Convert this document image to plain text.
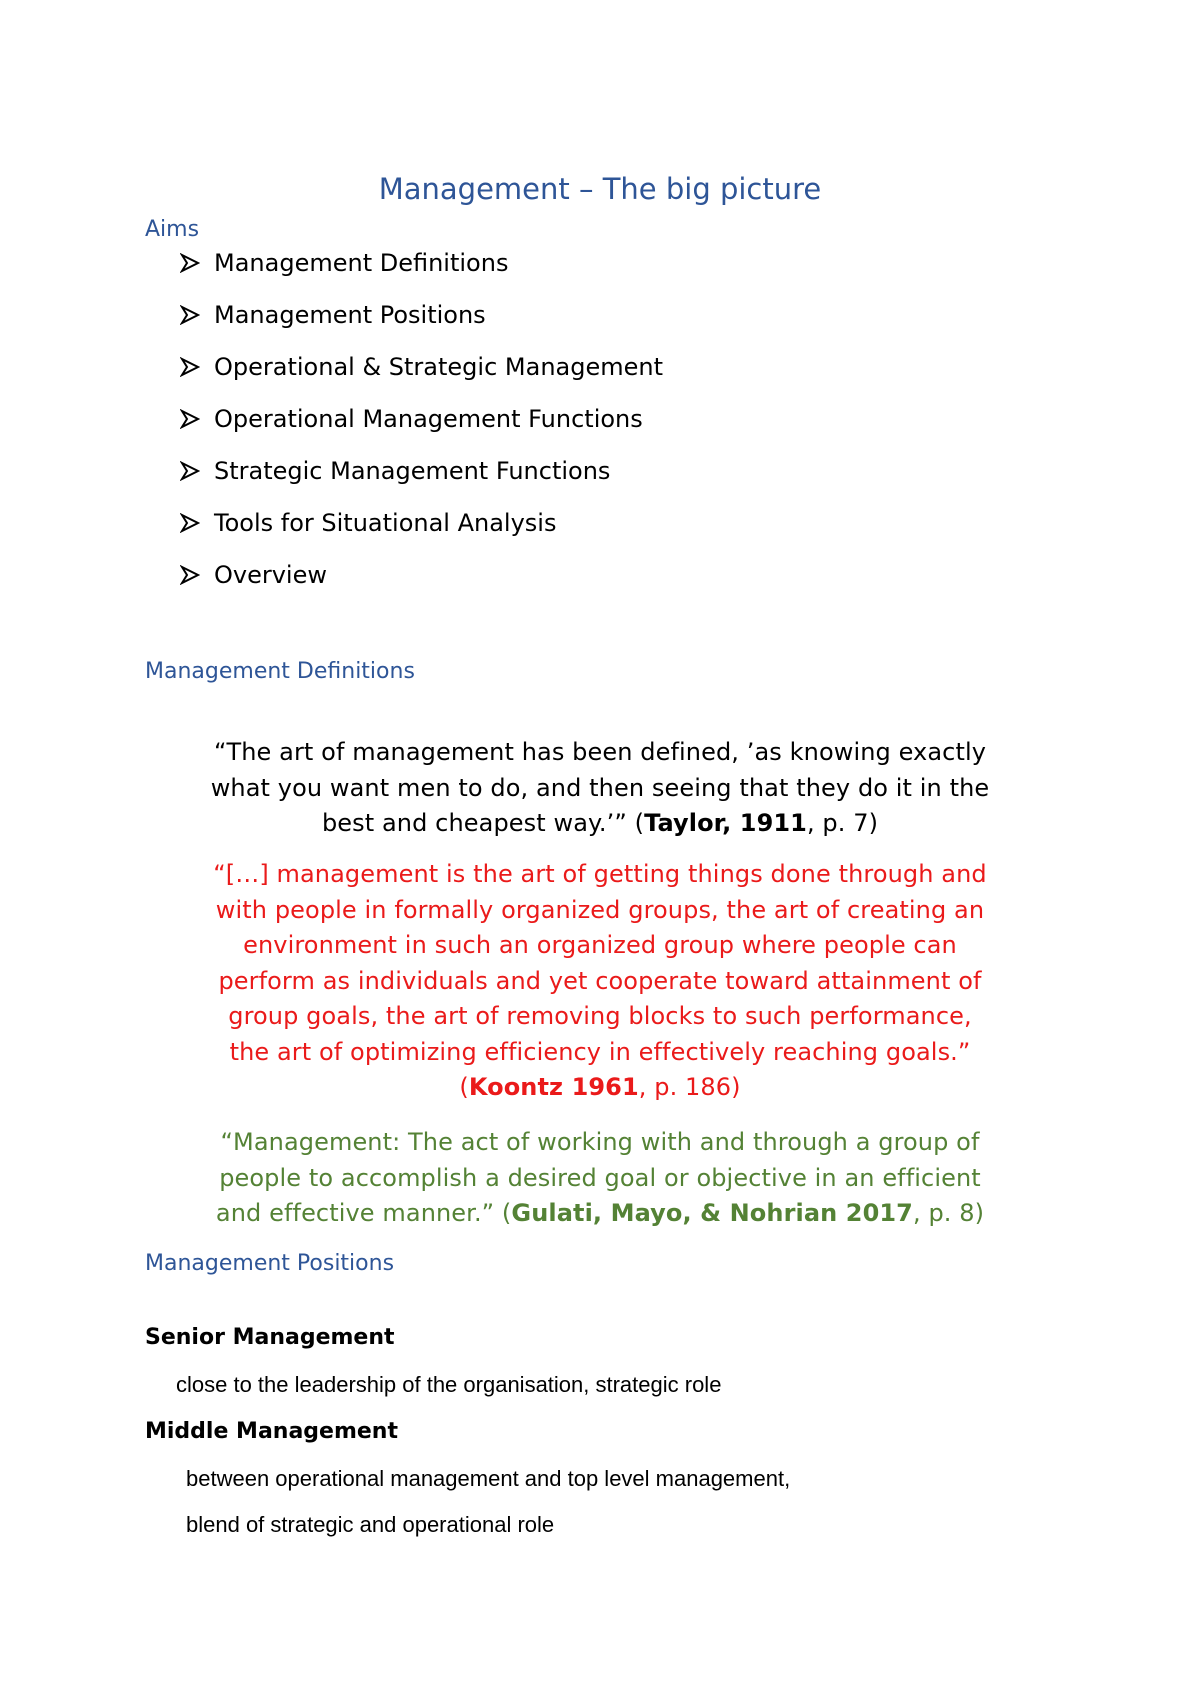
Management – The big picture
Aims
Management Definitions
Management Positions
Operational & Strategic Management
Operational Management Functions
Strategic Management Functions
Tools for Situational Analysis
Overview
Management Definitions
“The art of management has been defined, ’as knowing exactly
what you want men to do, and then seeing that they do it in the
best and cheapest way.’” (Taylor, 1911, p. 7)
“[…] management is the art of getting things done through and
with people in formally organized groups, the art of creating an
environment in such an organized group where people can
perform as individuals and yet cooperate toward attainment of
group goals, the art of removing blocks to such performance,
the art of optimizing efficiency in effectively reaching goals.”
(Koontz 1961, p. 186)
“Management: The act of working with and through a group of
people to accomplish a desired goal or objective in an efficient
and effective manner.” (Gulati, Mayo, & Nohrian 2017, p. 8)
Management Positions
Senior Management
close to the leadership of the organisation, strategic role
Middle Management
between operational management and top level management,
blend of strategic and operational role
